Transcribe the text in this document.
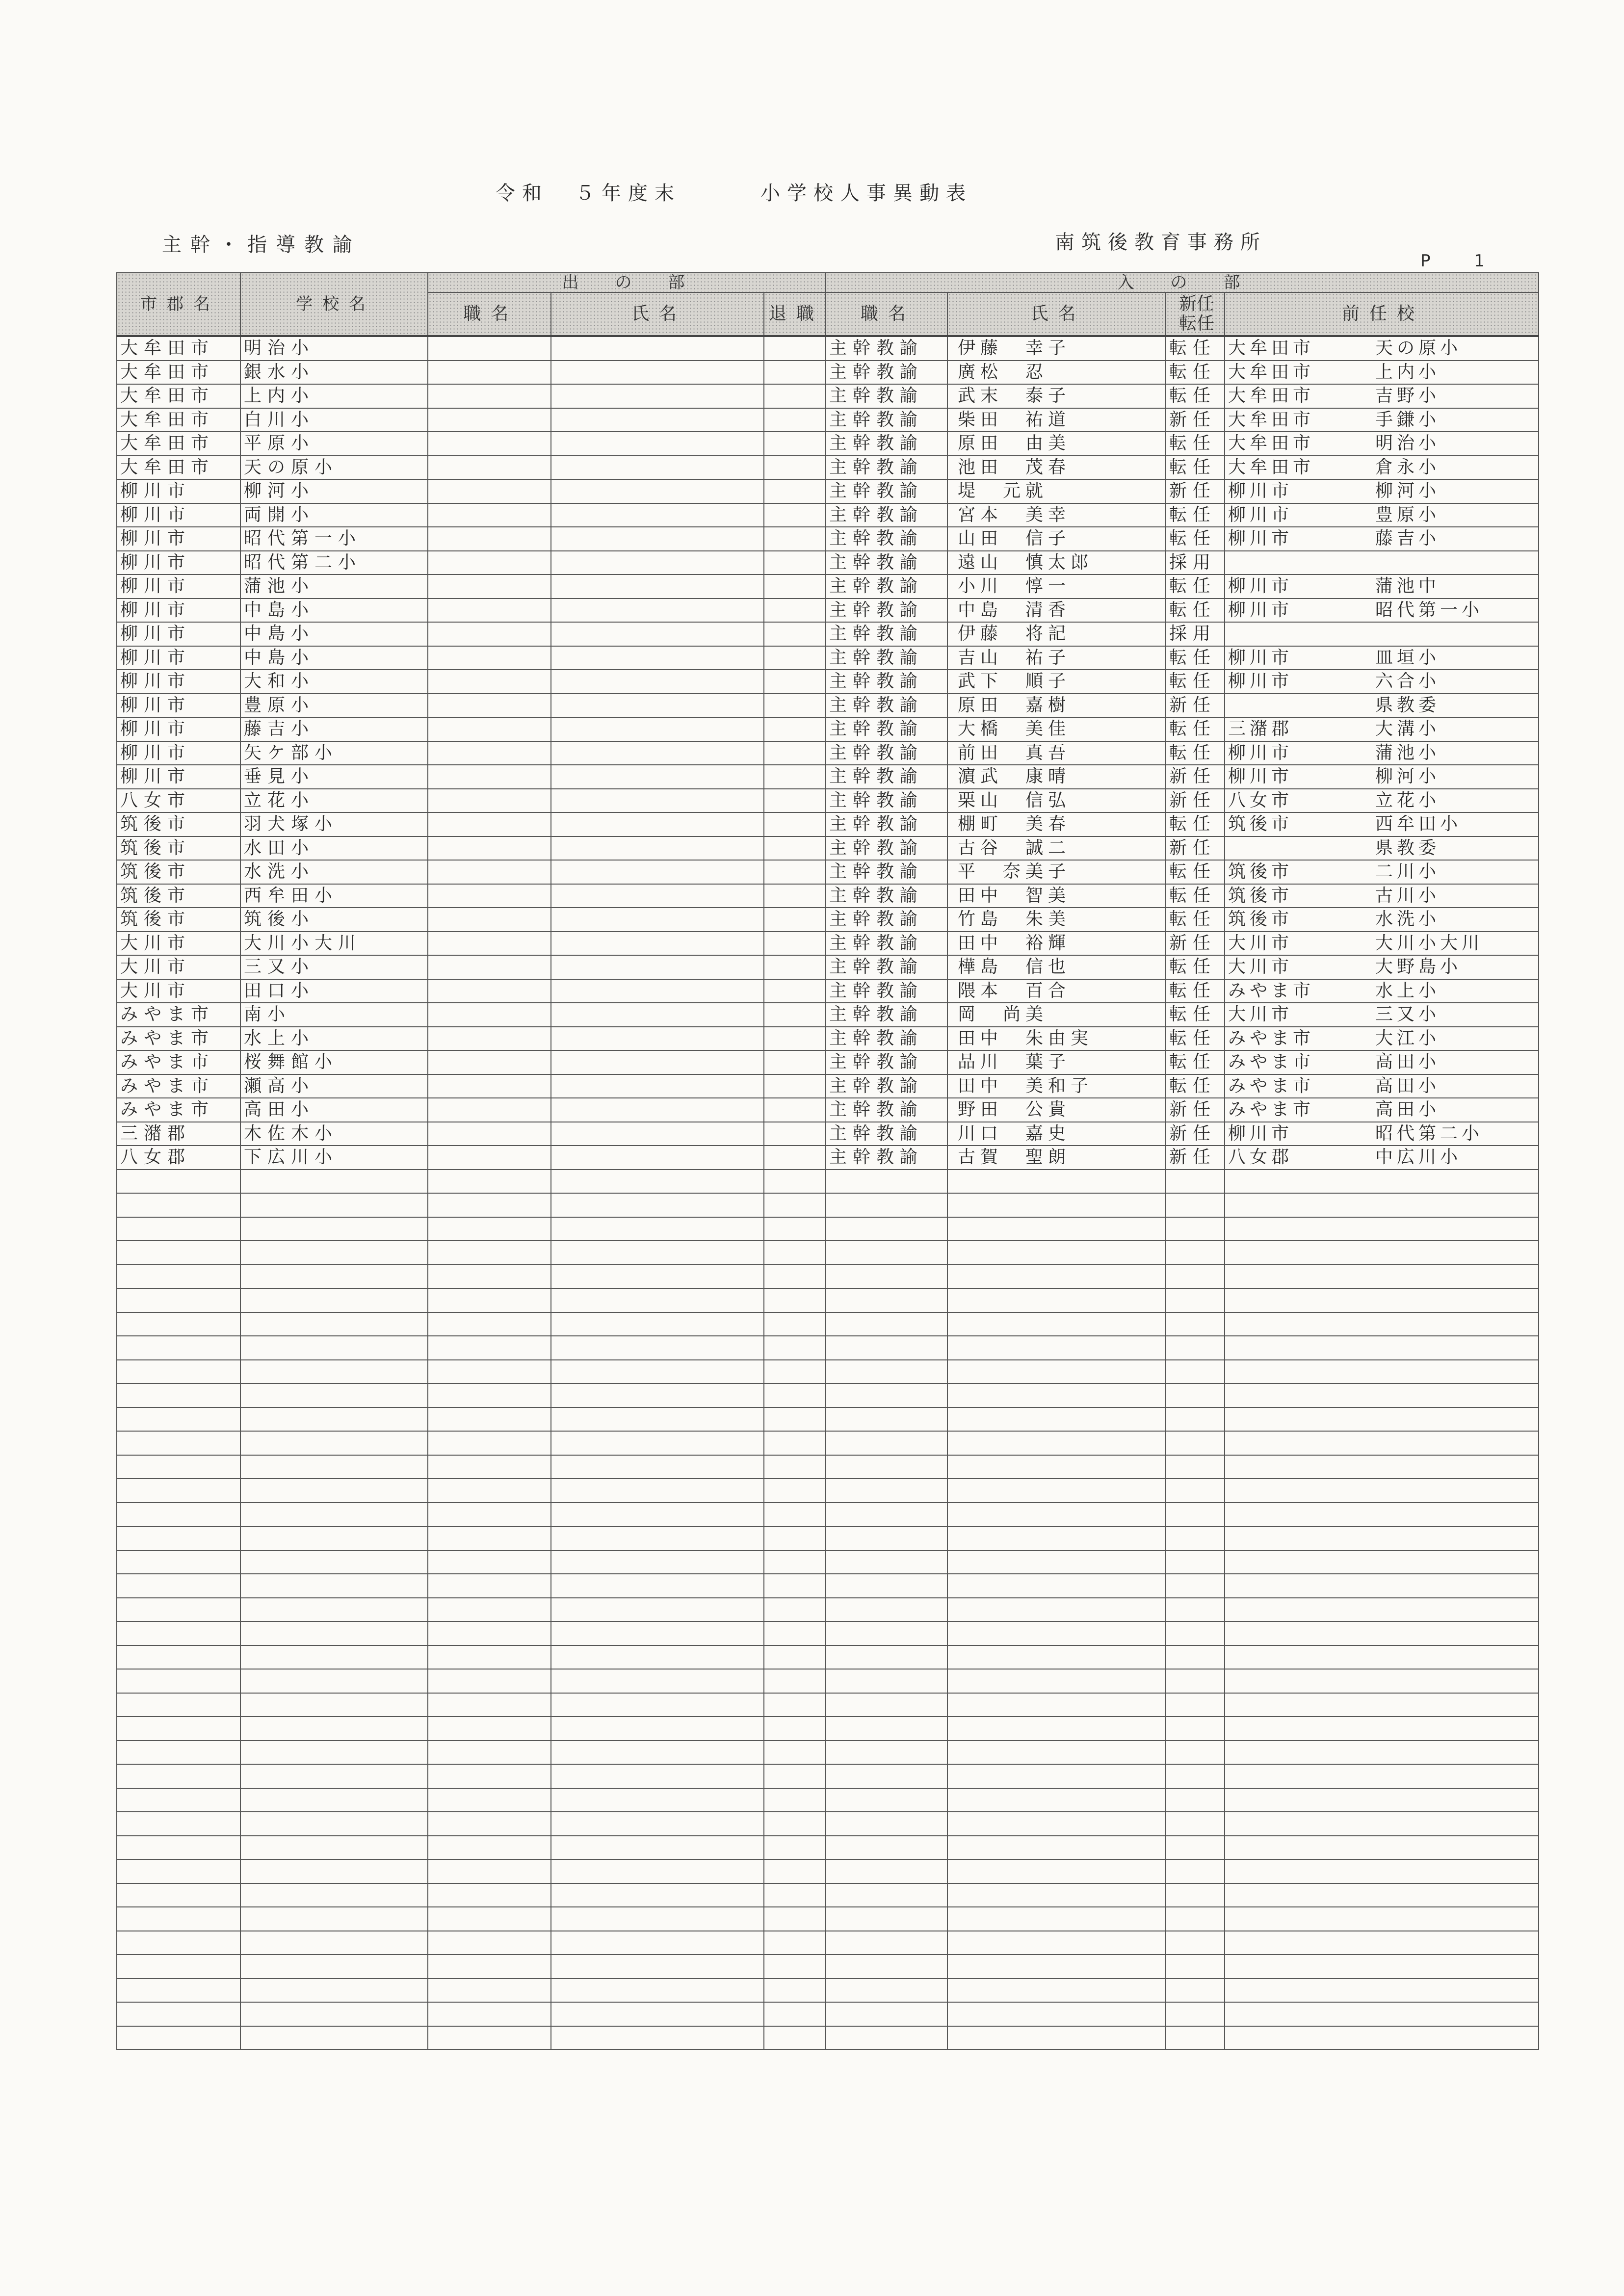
令和　５年度末　　　小学校人事異動表
主幹・指導教諭	南筑後教育事務所
P 1
市郡名	学校名	出　の　部			入　の　部			
		職名	氏名	退職	職名	氏名	新任
転任	前任校
大牟田市	明治小				主幹教諭	伊藤　幸子	転任	大牟田市 天の原小
大牟田市	銀水小				主幹教諭	廣松　忍	転任	大牟田市 上内小
大牟田市	上内小				主幹教諭	武末　泰子	転任	大牟田市 吉野小
大牟田市	白川小				主幹教諭	柴田　祐道	新任	大牟田市 手鎌小
大牟田市	平原小				主幹教諭	原田　由美	転任	大牟田市 明治小
大牟田市	天の原小				主幹教諭	池田　茂春	転任	大牟田市 倉永小
柳川市	柳河小				主幹教諭	堤　元就	新任	柳川市 柳河小
柳川市	両開小				主幹教諭	宮本　美幸	転任	柳川市 豊原小
柳川市	昭代第一小				主幹教諭	山田　信子	転任	柳川市 藤吉小
柳川市	昭代第二小				主幹教諭	遠山　慎太郎	採用	
柳川市	蒲池小				主幹教諭	小川　惇一	転任	柳川市 蒲池中
柳川市	中島小				主幹教諭	中島　清香	転任	柳川市 昭代第一小
柳川市	中島小				主幹教諭	伊藤　将記	採用	
柳川市	中島小				主幹教諭	吉山　祐子	転任	柳川市 皿垣小
柳川市	大和小				主幹教諭	武下　順子	転任	柳川市 六合小
柳川市	豊原小				主幹教諭	原田　嘉樹	新任	県教委
柳川市	藤吉小				主幹教諭	大橋　美佳	転任	三潴郡 大溝小
柳川市	矢ケ部小				主幹教諭	前田　真吾	転任	柳川市 蒲池小
柳川市	垂見小				主幹教諭	濵武　康晴	新任	柳川市 柳河小
八女市	立花小				主幹教諭	栗山　信弘	新任	八女市 立花小
筑後市	羽犬塚小				主幹教諭	棚町　美春	転任	筑後市 西牟田小
筑後市	水田小				主幹教諭	古谷　誠二	新任	県教委
筑後市	水洗小				主幹教諭	平　奈美子	転任	筑後市 二川小
筑後市	西牟田小				主幹教諭	田中　智美	転任	筑後市 古川小
筑後市	筑後小				主幹教諭	竹島　朱美	転任	筑後市 水洗小
大川市	大川小大川				主幹教諭	田中　裕輝	新任	大川市 大川小大川
大川市	三又小				主幹教諭	樺島　信也	転任	大川市 大野島小
大川市	田口小				主幹教諭	隈本　百合	転任	みやま市 水上小
みやま市	南小				主幹教諭	岡　尚美	転任	大川市 三又小
みやま市	水上小				主幹教諭	田中　朱由実	転任	みやま市 大江小
みやま市	桜舞館小				主幹教諭	品川　葉子	転任	みやま市 高田小
みやま市	瀬高小				主幹教諭	田中　美和子	転任	みやま市 高田小
みやま市	高田小				主幹教諭	野田　公貴	新任	みやま市 高田小
三潴郡	木佐木小				主幹教諭	川口　嘉史	新任	柳川市 昭代第二小
八女郡	下広川小				主幹教諭	古賀　聖朗	新任	八女郡 中広川小
